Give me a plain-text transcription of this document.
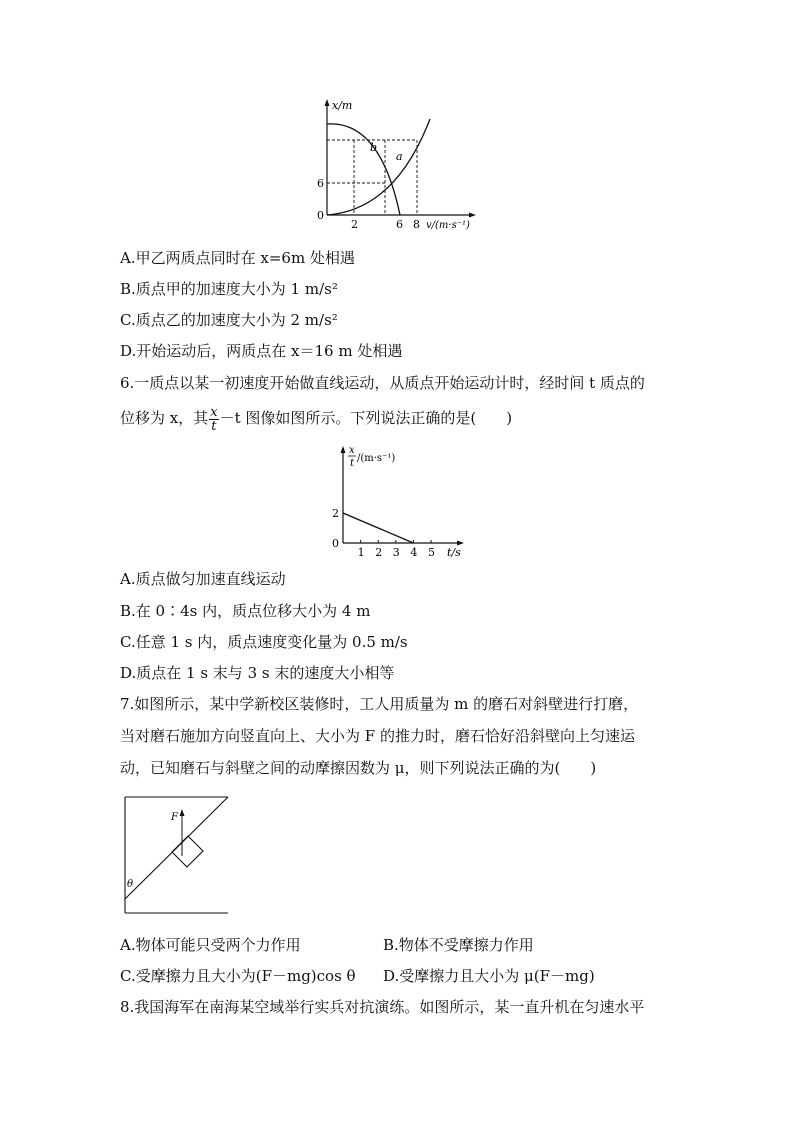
x/m
0
6
2	6 8 v/(m·s⁻¹)
b
a
A.甲乙两质点同时在 x=6m 处相遇
B.质点甲的加速度大小为 1 m/s²
C.质点乙的加速度大小为 2 m/s²
D.开始运动后，两质点在 x＝16 m 处相遇
6.一质点以某一初速度开始做直线运动，从质点开始运动计时，经时间 t 质点的
位移为 x，其 $\frac{x}{t} -t$ 图像如图所示。下列说法正确的是(　　)
x
t /(m·s⁻¹)
2
0
1 2 3 4 5 t/s
A.质点做匀加速直线运动
B.在 0∶4s 内，质点位移大小为 4 m
C.任意 1 s 内，质点速度变化量为 0.5 m/s
D.质点在 1 s 末与 3 s 末的速度大小相等
7.如图所示，某中学新校区装修时，工人用质量为 m 的磨石对斜壁进行打磨，
当对磨石施加方向竖直向上、大小为 F 的推力时，磨石恰好沿斜壁向上匀速运
动，已知磨石与斜壁之间的动摩擦因数为 μ，则下列说法正确的为(　　)
F
θ
A.物体可能只受两个力作用	B.物体不受摩擦力作用
C.受摩擦力且大小为(F－mg)cos θ D.受摩擦力且大小为 μ(F－mg)
8.我国海军在南海某空域举行实兵对抗演练。如图所示，某一直升机在匀速水平
